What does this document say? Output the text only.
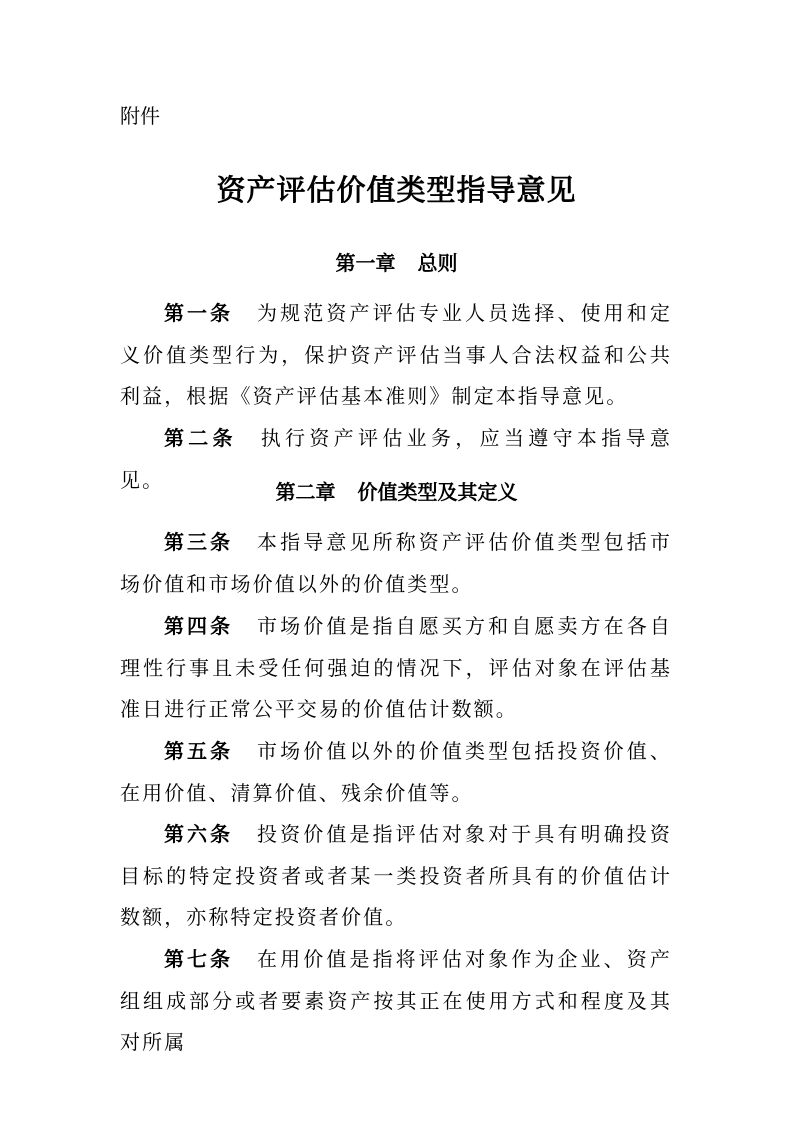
附件
资产评估价值类型指导意见
第一章 总则
第一条 为规范资产评估专业人员选择、使用和定义价值类型行为，保护资产评估当事人合法权益和公共利益，根据《资产评估基本准则》制定本指导意见。
第二条 执行资产评估业务，应当遵守本指导意见。
第二章 价值类型及其定义
第三条 本指导意见所称资产评估价值类型包括市场价值和市场价值以外的价值类型。
第四条 市场价值是指自愿买方和自愿卖方在各自理性行事且未受任何强迫的情况下，评估对象在评估基准日进行正常公平交易的价值估计数额。
第五条 市场价值以外的价值类型包括投资价值、在用价值、清算价值、残余价值等。
第六条 投资价值是指评估对象对于具有明确投资目标的特定投资者或者某一类投资者所具有的价值估计数额，亦称特定投资者价值。
第七条 在用价值是指将评估对象作为企业、资产组组成部分或者要素资产按其正在使用方式和程度及其对所属
